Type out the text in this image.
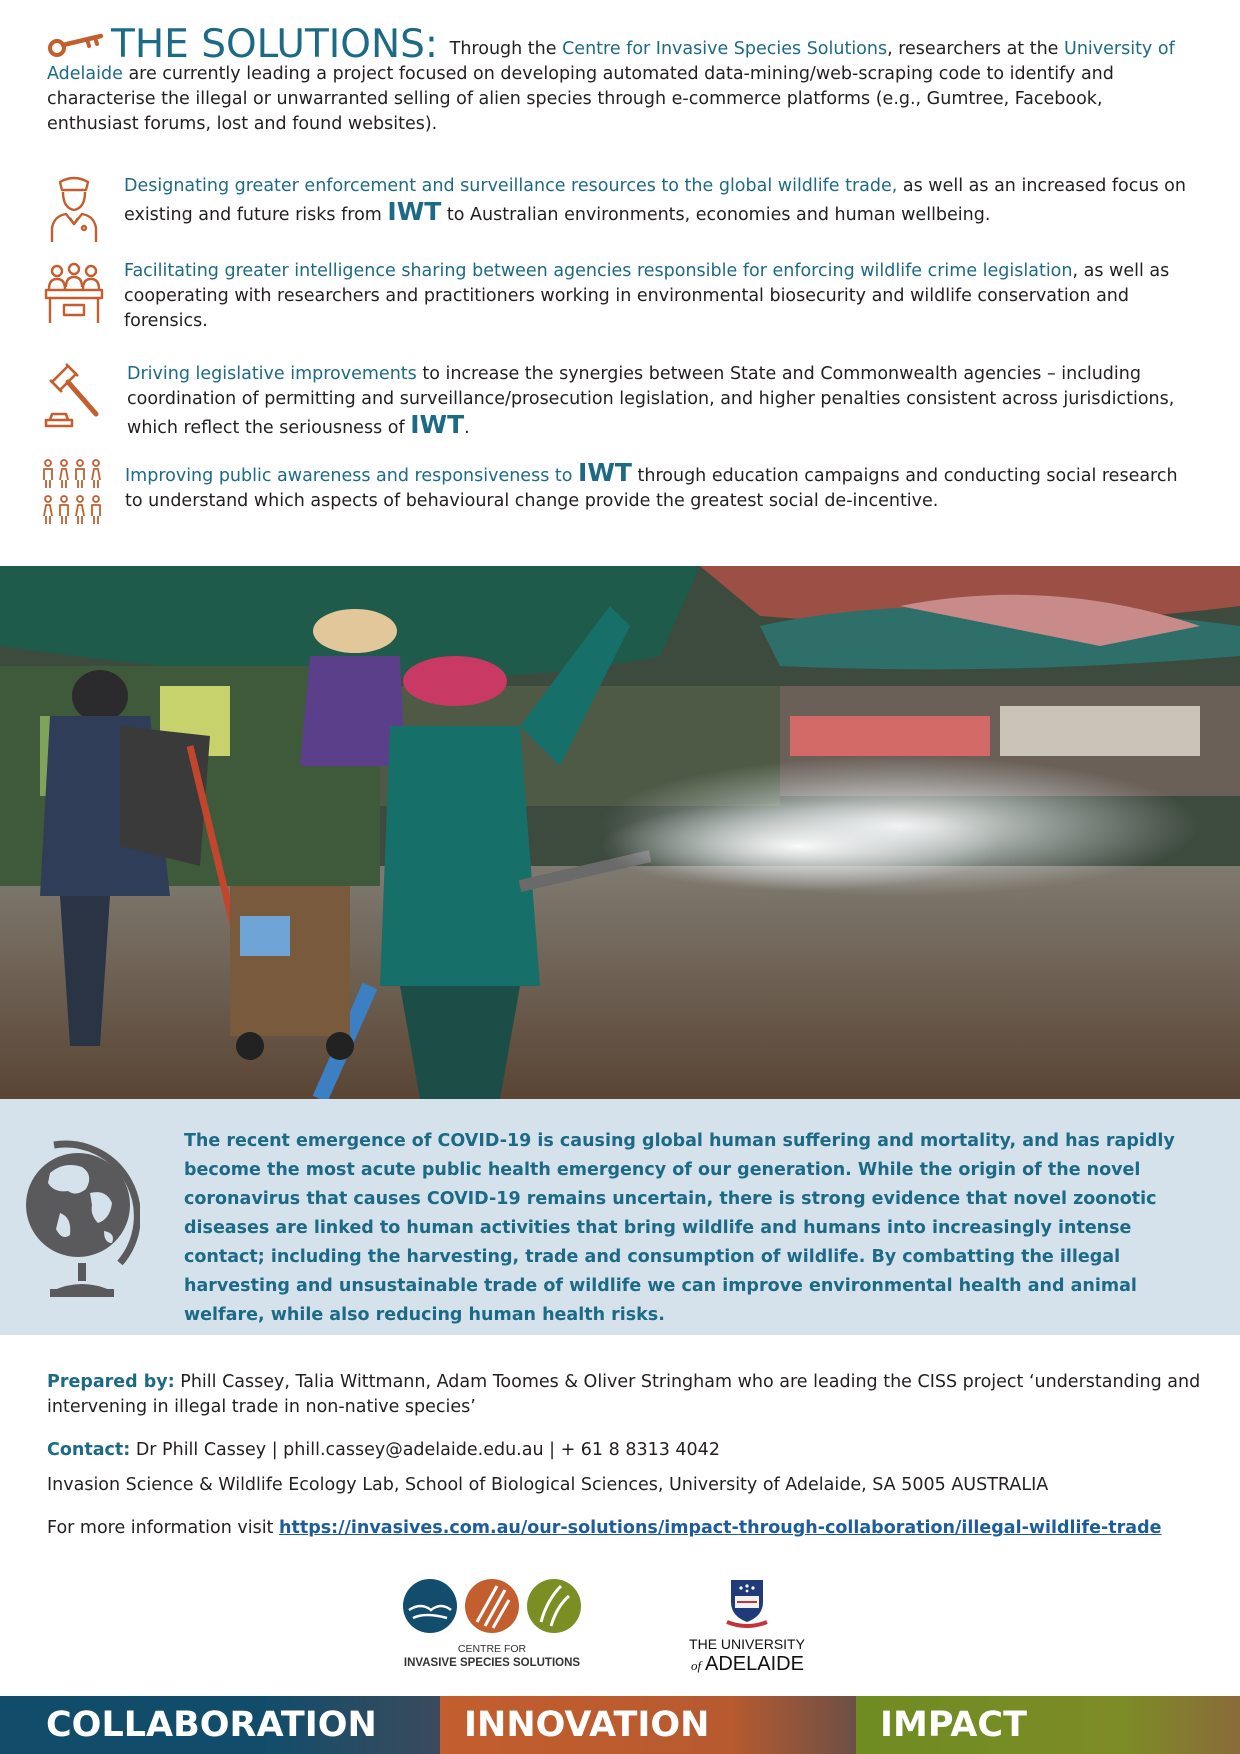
THE SOLUTIONS: Through the Centre for Invasive Species Solutions, researchers at the University of Adelaide are currently leading a project focused on developing automated data-mining/web-scraping code to identify and characterise the illegal or unwarranted selling of alien species through e-commerce platforms (e.g., Gumtree, Facebook, enthusiast forums, lost and found websites).
Designating greater enforcement and surveillance resources to the global wildlife trade, as well as an increased focus on existing and future risks from IWT to Australian environments, economies and human wellbeing.
Facilitating greater intelligence sharing between agencies responsible for enforcing wildlife crime legislation, as well as cooperating with researchers and practitioners working in environmental biosecurity and wildlife conservation and forensics.
Driving legislative improvements to increase the synergies between State and Commonwealth agencies – including coordination of permitting and surveillance/prosecution legislation, and higher penalties consistent across jurisdictions, which reflect the seriousness of IWT.
Improving public awareness and responsiveness to IWT through education campaigns and conducting social research to understand which aspects of behavioural change provide the greatest social de-incentive.
The recent emergence of COVID-19 is causing global human suffering and mortality, and has rapidly become the most acute public health emergency of our generation. While the origin of the novel coronavirus that causes COVID-19 remains uncertain, there is strong evidence that novel zoonotic diseases are linked to human activities that bring wildlife and humans into increasingly intense contact; including the harvesting, trade and consumption of wildlife. By combatting the illegal harvesting and unsustainable trade of wildlife we can improve environmental health and animal welfare, while also reducing human health risks.

Prepared by: Phill Cassey, Talia Wittmann, Adam Toomes & Oliver Stringham who are leading the CISS project ‘understanding and intervening in illegal trade in non-native species’

Contact: Dr Phill Cassey | phill.cassey@adelaide.edu.au | + 61 8 8313 4042

Invasion Science & Wildlife Ecology Lab, School of Biological Sciences, University of Adelaide, SA 5005 AUSTRALIA

For more information visit https://invasives.com.au/our-solutions/impact-through-collaboration/illegal-wildlife-trade

CENTRE FOR
INVASIVE SPECIES SOLUTIONS
THE UNIVERSITY
of ADELAIDE
COLLABORATION	INNOVATION	IMPACT
